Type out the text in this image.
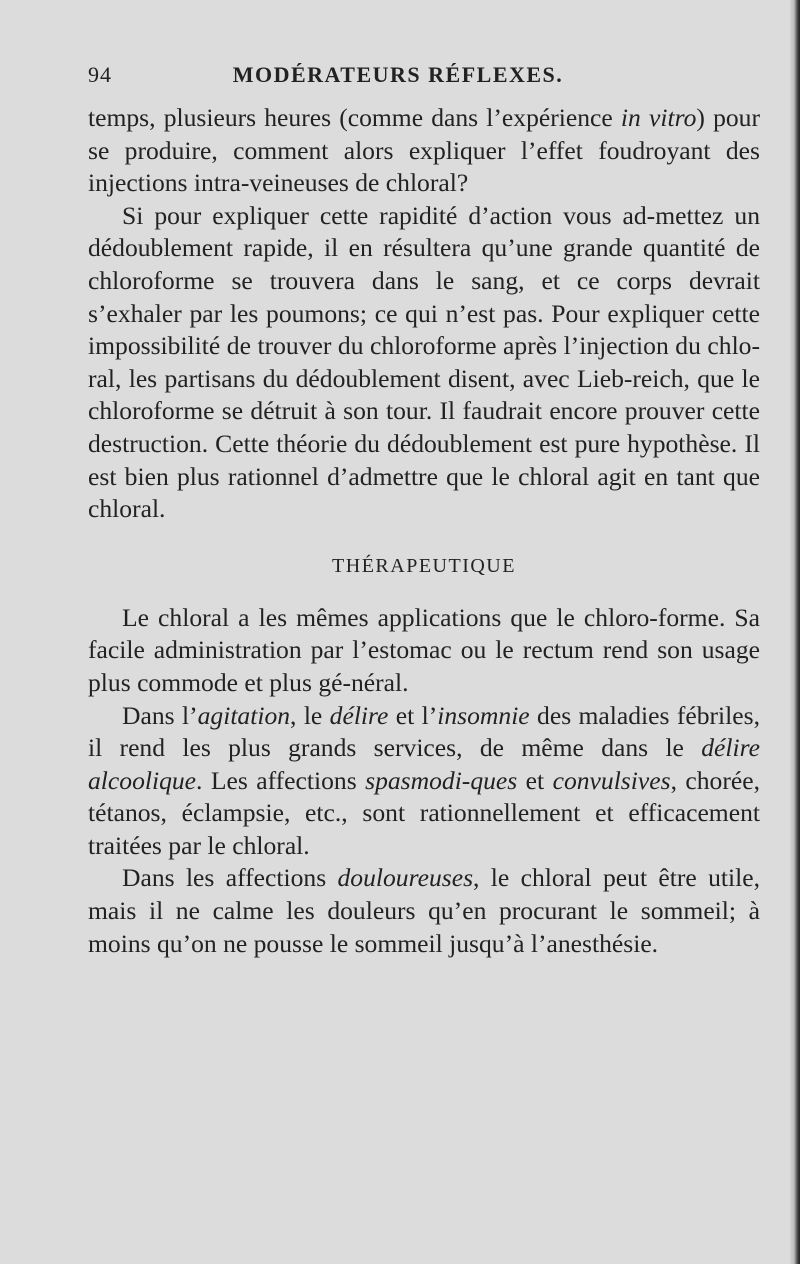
94	MODÉRATEURS RÉFLEXES.

temps, plusieurs heures (comme dans l’expérience in vitro) pour se produire, comment alors expliquer l’effet foudroyant des injections intra-veineuses de chloral?

Si pour expliquer cette rapidité d’action vous ad-mettez un dédoublement rapide, il en résultera qu’une grande quantité de chloroforme se trouvera dans le sang, et ce corps devrait s’exhaler par les poumons; ce qui n’est pas. Pour expliquer cette impossibilité de trouver du chloroforme après l’injection du chlo-ral, les partisans du dédoublement disent, avec Lieb-reich, que le chloroforme se détruit à son tour. Il faudrait encore prouver cette destruction. Cette théorie du dédoublement est pure hypothèse. Il est bien plus rationnel d’admettre que le chloral agit en tant que chloral.

THÉRAPEUTIQUE

Le chloral a les mêmes applications que le chloro-forme. Sa facile administration par l’estomac ou le rectum rend son usage plus commode et plus gé-néral.

Dans l’agitation, le délire et l’insomnie des maladies fébriles, il rend les plus grands services, de même dans le délire alcoolique. Les affections spasmodi-ques et convulsives, chorée, tétanos, éclampsie, etc., sont rationnellement et efficacement traitées par le chloral.

Dans les affections douloureuses, le chloral peut être utile, mais il ne calme les douleurs qu’en procurant le sommeil; à moins qu’on ne pousse le sommeil jusqu’à l’anesthésie.
